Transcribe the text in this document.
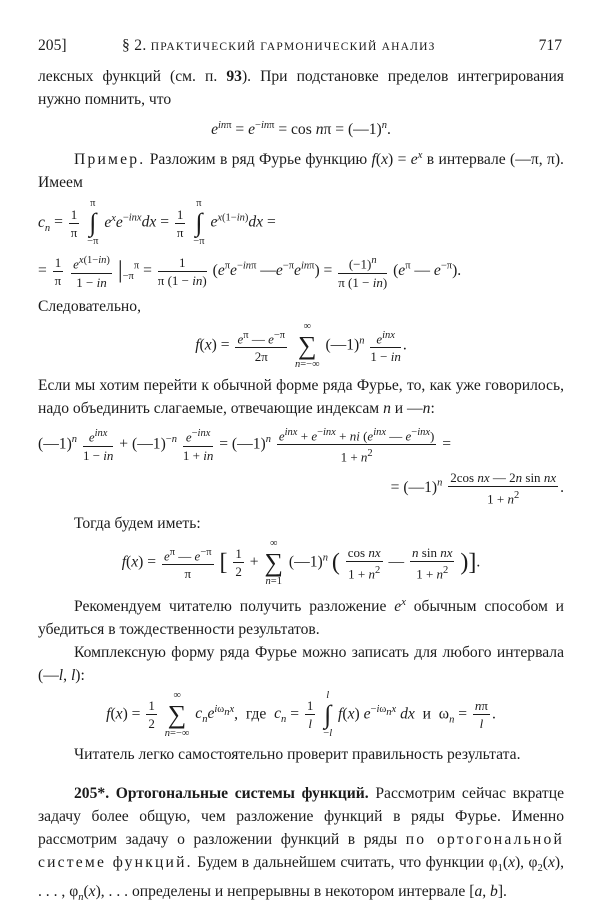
205]	§ 2. ПРАКТИЧЕСКИЙ ГАРМОНИЧЕСКИЙ АНАЛИЗ	717

лексных функций (см. п. 93). При подстановке пределов интегрирования нужно помнить, что

$e^{in\pi} = e^{-in\pi} = \cos n\pi$ = (—1)$^n$.

Пример. Разложим в ряд Фурье функцию $f(x) = e^x$ в интервале (—π, π). Имеем

$c_n = \frac{1}{\pi}$

π
∫
−π
$e^xe^{-inx}dx = \frac{1}{\pi}$

π
∫
−π
$e^{x(1-in)}dx$ =
= $\frac{1}{\pi}$
$\frac{e^{x(1-in)}}{1 - in} |_{-\pi}^\pi = \frac{1}{\pi (1 - in)} (e^\pi e^{-in\pi}$ $—e^{-\pi}e^{in\pi}) = \frac{(-1)^n}{\pi (1 - in)} (e^\pi$ — $e^{-\pi}$).

Следовательно,

$f(x) = \frac{e^\pi — e^{-\pi}}{2\pi}$

∞
∑
n=−∞
(—1)$^n$ $\frac{e^{inx}}{1 - in}$ .

Если мы хотим перейти к обычной форме ряда Фурье, то, как уже говорилось, надо объединить слагаемые, отвечающие индексам n и —n:

(—1)$^n$ $\frac{e^{inx}}{1 - in}$ + (—1)$^{-n}$ $\frac{e^{-inx}}{1 + in}$ = (—1)$^n$ $\frac{e^{inx} + e^{-inx} + ni (e^{inx} — e^{-inx})}{1 + n^2}$ =
= (—1)$^n$ $\frac{\text{2cos nx — 2n sin nx}}{1 + n^2}$ .

Тогда будем иметь:

$f(x) = \frac{e^\pi — e^{-\pi}}{\pi}$ [ $\frac{1}{2}$ +
∞
∑
n=1
(—1)$^n$ ( $\frac{\text{cos nx}}{1 + n^2}$ — $\frac{\text{n sin nx}}{1 + n^2}$ )].

Рекомендуем читателю получить разложение $e^x$ обычным способом и убедиться в тождественности результатов.

Комплексную форму ряда Фурье можно записать для любого интервала (—l, l):

$f(x) = \frac{1}{2}$

∞
∑
n=−∞
$c_ne^{i\omega_nx}$,  где $c_n = \frac{1}{l}$

l
∫
−l
f(x) $e^{-i\omega_nx}$ dx и  $\omega_n = \frac{n\pi}{l}$ .

Читатель легко самостоятельно проверит правильность результата.

205*. Ортогональные системы функций. Рассмотрим сейчас вкратце задачу более общую, чем разложение функций в ряды Фурье. Именно рассмотрим задачу о разложении функций в ряды по ортогональной системе функций. Будем в дальнейшем считать, что функции $\varphi_1(x)$, $\varphi_2(x)$, . . . , $\varphi_n(x)$, . . . определены и непрерывны в некотором интервале [a, b].
